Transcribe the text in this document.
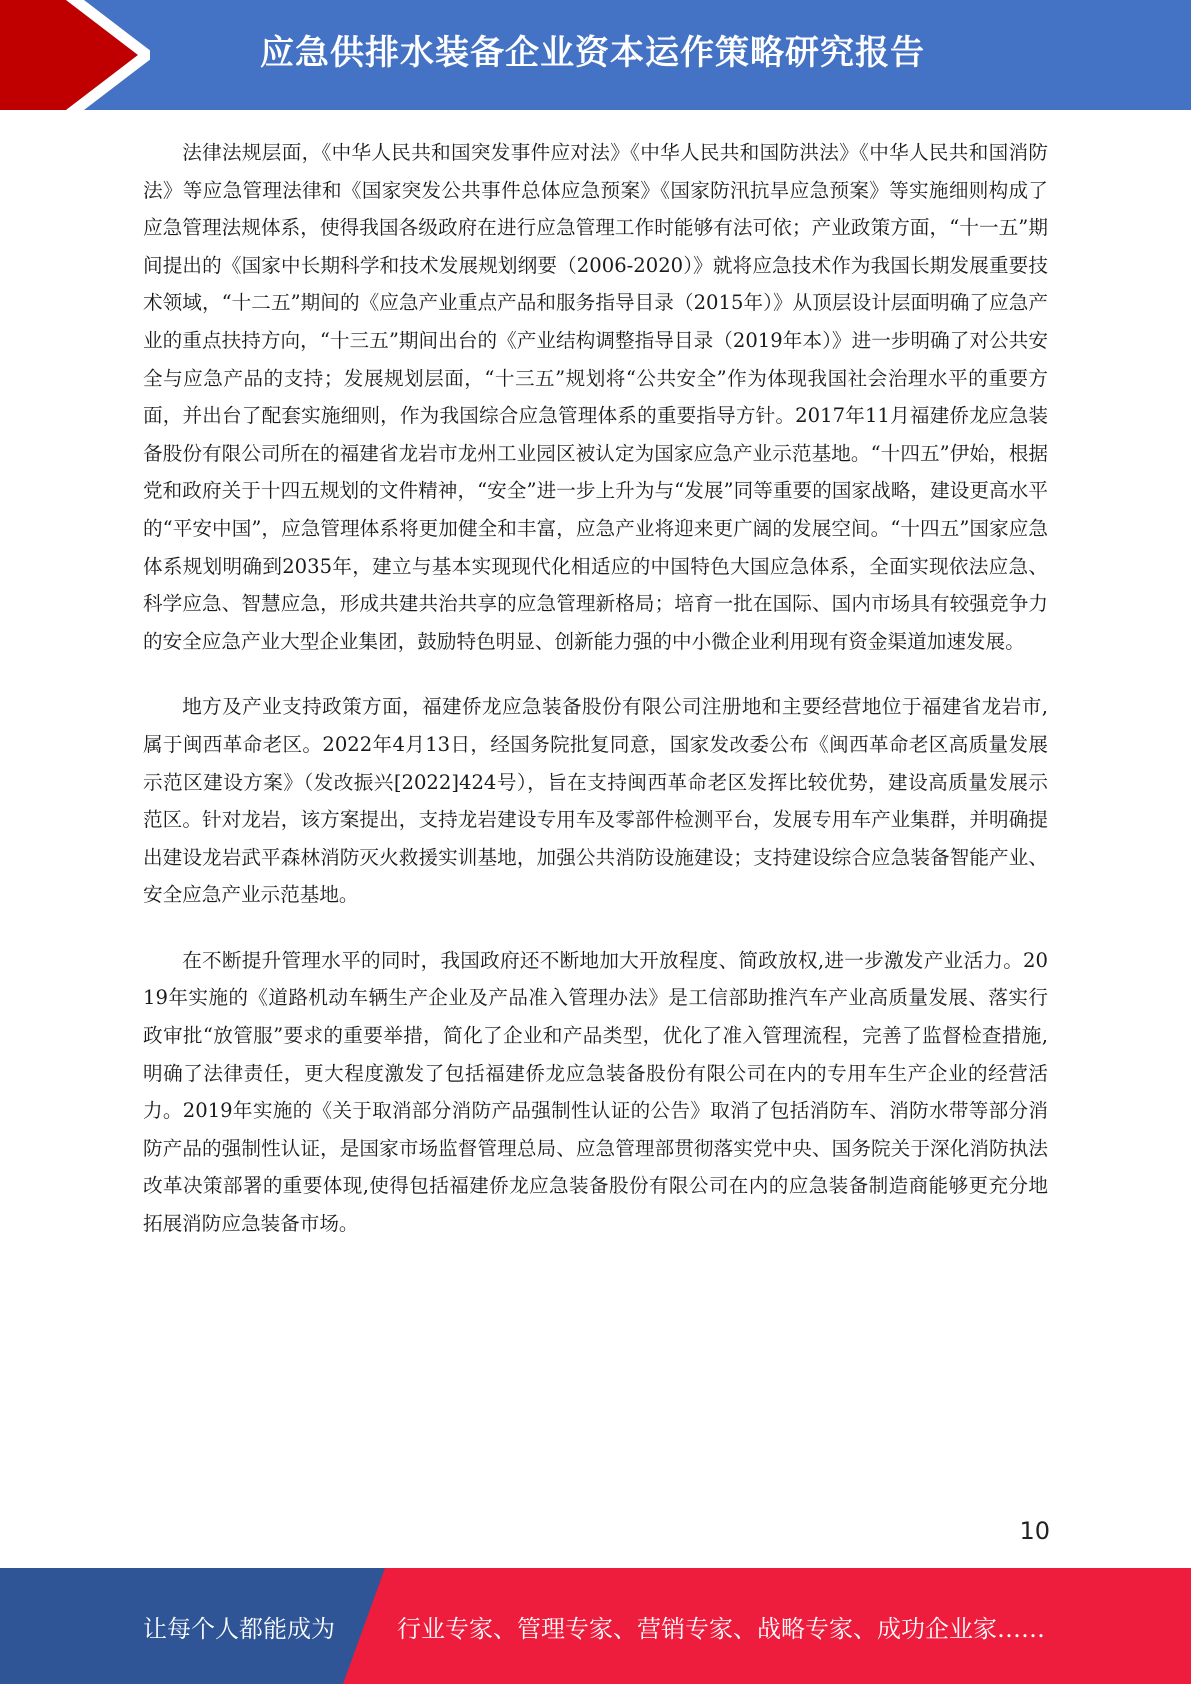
应急供排水装备企业资本运作策略研究报告

法律法规层面，《中华人民共和国突发事件应对法》《中华人民共和国防洪法》《中华人民共和国消防法》等应急管理法律和《国家突发公共事件总体应急预案》《国家防汛抗旱应急预案》等实施细则构成了应急管理法规体系，使得我国各级政府在进行应急管理工作时能够有法可依；产业政策方面，“十一五”期间提出的《国家中长期科学和技术发展规划纲要（2006-2020）》就将应急技术作为我国长期发展重要技术领域，“十二五”期间的《应急产业重点产品和服务指导目录（2015年）》从顶层设计层面明确了应急产业的重点扶持方向，“十三五”期间出台的《产业结构调整指导目录（2019年本）》进一步明确了对公共安全与应急产品的支持；发展规划层面，“十三五”规划将“公共安全”作为体现我国社会治理水平的重要方面，并出台了配套实施细则，作为我国综合应急管理体系的重要指导方针。2017年11月福建侨龙应急装备股份有限公司所在的福建省龙岩市龙州工业园区被认定为国家应急产业示范基地。“十四五”伊始，根据党和政府关于十四五规划的文件精神，“安全”进一步上升为与“发展”同等重要的国家战略，建设更高水平的“平安中国”，应急管理体系将更加健全和丰富，应急产业将迎来更广阔的发展空间。“十四五”国家应急体系规划明确到2035年，建立与基本实现现代化相适应的中国特色大国应急体系，全面实现依法应急、科学应急、智慧应急，形成共建共治共享的应急管理新格局；培育一批在国际、国内市场具有较强竞争力的安全应急产业大型企业集团，鼓励特色明显、创新能力强的中小微企业利用现有资金渠道加速发展。

地方及产业支持政策方面，福建侨龙应急装备股份有限公司注册地和主要经营地位于福建省龙岩市,属于闽西革命老区。2022年4月13日，经国务院批复同意，国家发改委公布《闽西革命老区高质量发展示范区建设方案》（发改振兴[2022]424号），旨在支持闽西革命老区发挥比较优势，建设高质量发展示范区。针对龙岩，该方案提出，支持龙岩建设专用车及零部件检测平台，发展专用车产业集群，并明确提出建设龙岩武平森林消防灭火救援实训基地，加强公共消防设施建设；支持建设综合应急装备智能产业、安全应急产业示范基地。

在不断提升管理水平的同时，我国政府还不断地加大开放程度、简政放权,进一步激发产业活力。2019年实施的《道路机动车辆生产企业及产品准入管理办法》是工信部助推汽车产业高质量发展、落实行政审批“放管服”要求的重要举措，简化了企业和产品类型，优化了准入管理流程，完善了监督检查措施,明确了法律责任，更大程度激发了包括福建侨龙应急装备股份有限公司在内的专用车生产企业的经营活力。2019年实施的《关于取消部分消防产品强制性认证的公告》取消了包括消防车、消防水带等部分消防产品的强制性认证，是国家市场监督管理总局、应急管理部贯彻落实党中央、国务院关于深化消防执法改革决策部署的重要体现,使得包括福建侨龙应急装备股份有限公司在内的应急装备制造商能够更充分地拓展消防应急装备市场。

10
让每个人都能成为	行业专家、管理专家、营销专家、战略专家、成功企业家……
